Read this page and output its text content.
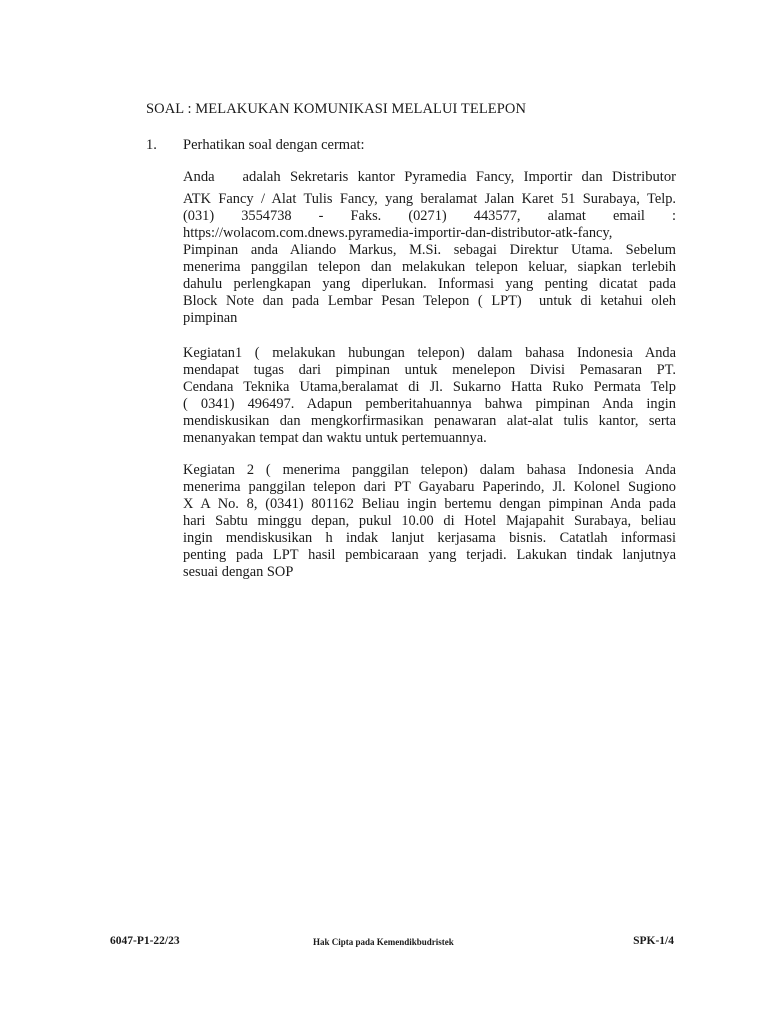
SOAL : MELAKUKAN KOMUNIKASI MELALUI TELEPON
1. Perhatikan soal dengan cermat:
Anda   adalah Sekretaris kantor Pyramedia Fancy, Importir dan Distributor
ATK Fancy / Alat Tulis Fancy, yang beralamat Jalan Karet 51 Surabaya, Telp.
(031)   3554738   -   Faks.   (0271)   443577,   alamat   email   :
https://wolacom.com.dnews.pyramedia-importir-dan-distributor-atk-fancy,
Pimpinan anda Aliando Markus, M.Si. sebagai Direktur Utama. Sebelum
menerima panggilan telepon dan melakukan telepon keluar, siapkan terlebih
dahulu perlengkapan yang diperlukan. Informasi yang penting dicatat pada
Block Note dan pada Lembar Pesan Telepon ( LPT)  untuk di ketahui oleh
pimpinan
Kegiatan1 ( melakukan hubungan telepon) dalam bahasa Indonesia Anda
mendapat tugas dari pimpinan untuk menelepon Divisi Pemasaran PT.
Cendana Teknika Utama,beralamat di Jl. Sukarno Hatta Ruko Permata Telp
( 0341) 496497. Adapun pemberitahuannya bahwa pimpinan Anda ingin
mendiskusikan dan mengkorfirmasikan penawaran alat-alat tulis kantor, serta
menanyakan tempat dan waktu untuk pertemuannya.
Kegiatan 2 ( menerima panggilan telepon) dalam bahasa Indonesia Anda
menerima panggilan telepon dari PT Gayabaru Paperindo, Jl. Kolonel Sugiono
X A No. 8, (0341) 801162 Beliau ingin bertemu dengan pimpinan Anda pada
hari Sabtu minggu depan, pukul 10.00 di Hotel Majapahit Surabaya, beliau
ingin mendiskusikan h indak lanjut kerjasama bisnis. Catatlah informasi
penting pada LPT hasil pembicaraan yang terjadi. Lakukan tindak lanjutnya
sesuai dengan SOP
6047-P1-22/23	Hak Cipta pada Kemendikbudristek	SPK-1/4
